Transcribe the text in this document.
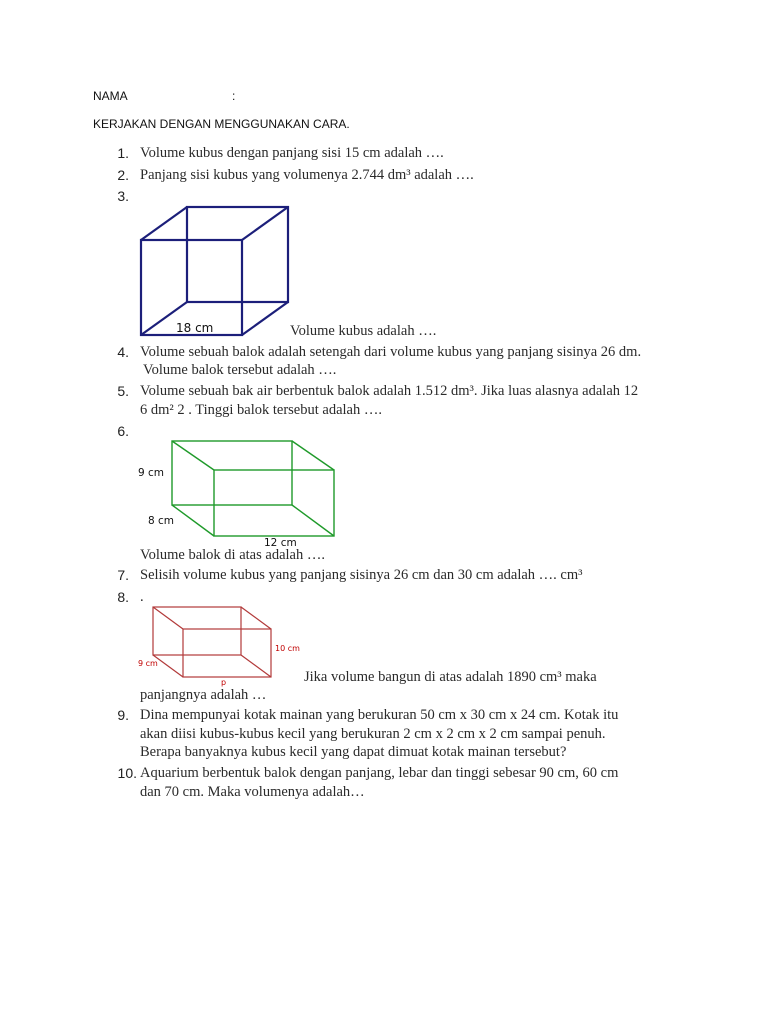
NAMA	:
KERJAKAN DENGAN MENGGUNAKAN CARA.
1. Volume kubus dengan panjang sisi 15 cm adalah ….
2. Panjang sisi kubus yang volumenya 2.744 dm³ adalah ….
3.
18 cm	Volume kubus adalah ….
4. Volume sebuah balok adalah setengah dari volume kubus yang panjang sisinya 26 dm.
Volume balok tersebut adalah ….
5. Volume sebuah bak air berbentuk balok adalah 1.512 dm³. Jika luas alasnya adalah 12
6 dm² 2 . Tinggi balok tersebut adalah ….
6.
9 cm
8 cm
12 cm
Volume balok di atas adalah ….
7. Selisih volume kubus yang panjang sisinya 26 cm dan 30 cm adalah …. cm³
8. .
10 cm
9 cm
p	Jika volume bangun di atas adalah 1890 cm³ maka
panjangnya adalah …
9. Dina mempunyai kotak mainan yang berukuran 50 cm x 30 cm x 24 cm. Kotak itu
akan diisi kubus-kubus kecil yang berukuran 2 cm x 2 cm x 2 cm sampai penuh.
Berapa banyaknya kubus kecil yang dapat dimuat kotak mainan tersebut?
10. Aquarium berbentuk balok dengan panjang, lebar dan tinggi sebesar 90 cm, 60 cm
dan 70 cm. Maka volumenya adalah…
